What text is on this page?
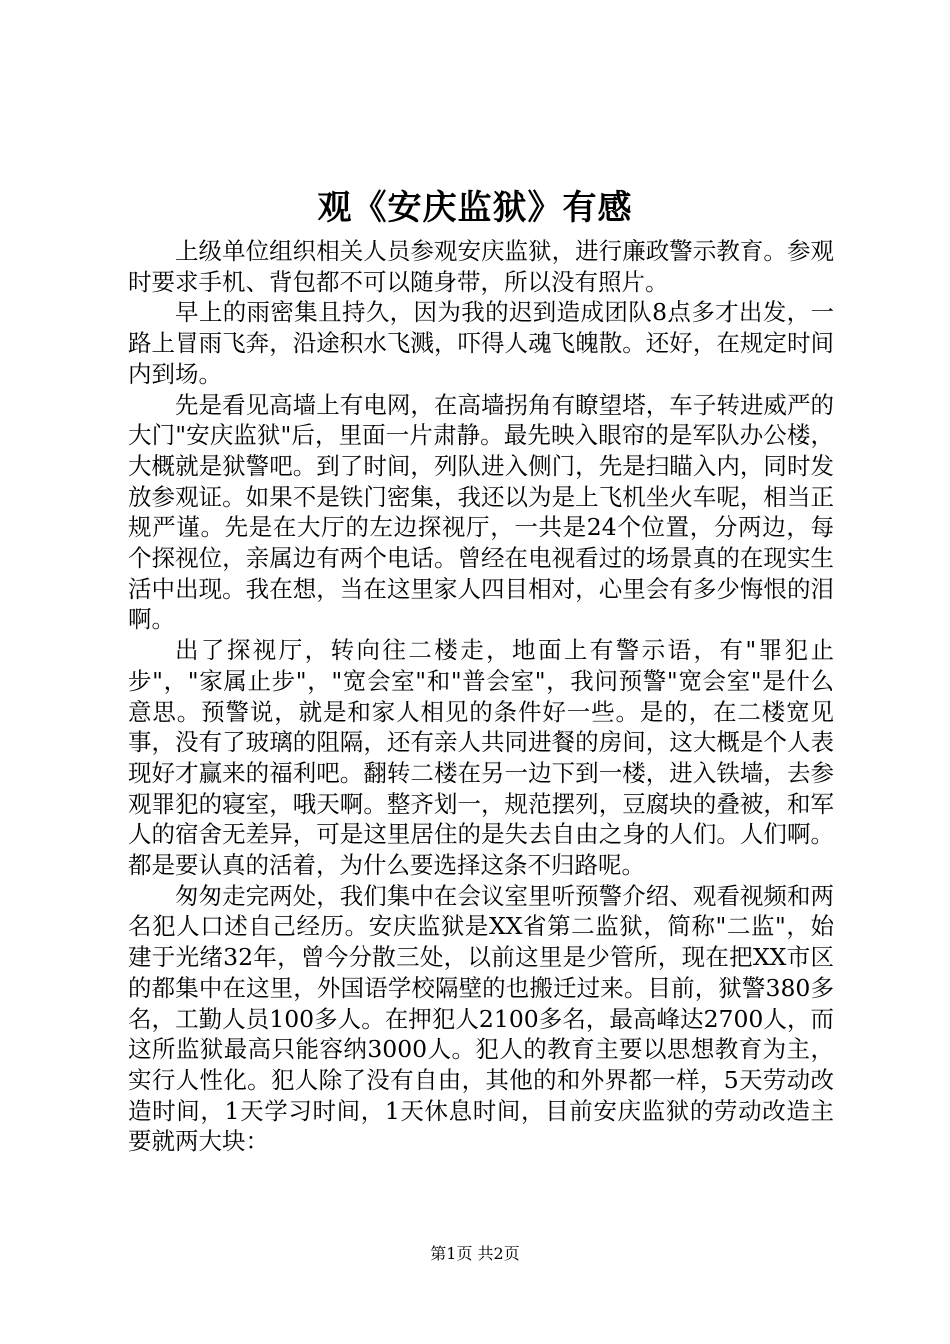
观《安庆监狱》有感

上级单位组织相关人员参观安庆监狱，进行廉政警示教育。参观时要求手机、背包都不可以随身带，所以没有照片。

早上的雨密集且持久，因为我的迟到造成团队8点多才出发，一路上冒雨飞奔，沿途积水飞溅，吓得人魂飞魄散。还好，在规定时间内到场。

先是看见高墙上有电网，在高墙拐角有瞭望塔，车子转进威严的大门"安庆监狱"后，里面一片肃静。最先映入眼帘的是军队办公楼，大概就是狱警吧。到了时间，列队进入侧门，先是扫瞄入内，同时发放参观证。如果不是铁门密集，我还以为是上飞机坐火车呢，相当正规严谨。先是在大厅的左边探视厅，一共是24个位置，分两边，每个探视位，亲属边有两个电话。曾经在电视看过的场景真的在现实生活中出现。我在想，当在这里家人四目相对，心里会有多少悔恨的泪啊。

出了探视厅，转向往二楼走，地面上有警示语，有"罪犯止步"，"家属止步"，"宽会室"和"普会室"，我问预警"宽会室"是什么意思。预警说，就是和家人相见的条件好一些。是的，在二楼宽见事，没有了玻璃的阻隔，还有亲人共同进餐的房间，这大概是个人表现好才赢来的福利吧。翻转二楼在另一边下到一楼，进入铁墙，去参观罪犯的寝室，哦天啊。整齐划一，规范摆列，豆腐块的叠被，和军人的宿舍无差异，可是这里居住的是失去自由之身的人们。人们啊。都是要认真的活着，为什么要选择这条不归路呢。

匆匆走完两处，我们集中在会议室里听预警介绍、观看视频和两名犯人口述自己经历。安庆监狱是XX省第二监狱，简称"二监"，始建于光绪32年，曾今分散三处，以前这里是少管所，现在把XX市区的都集中在这里，外国语学校隔壁的也搬迁过来。目前，狱警380多名，工勤人员100多人。在押犯人2100多名，最高峰达2700人，而这所监狱最高只能容纳3000人。犯人的教育主要以思想教育为主，实行人性化。犯人除了没有自由，其他的和外界都一样，5天劳动改造时间，1天学习时间，1天休息时间，目前安庆监狱的劳动改造主要就两大块：

第1页 共2页
